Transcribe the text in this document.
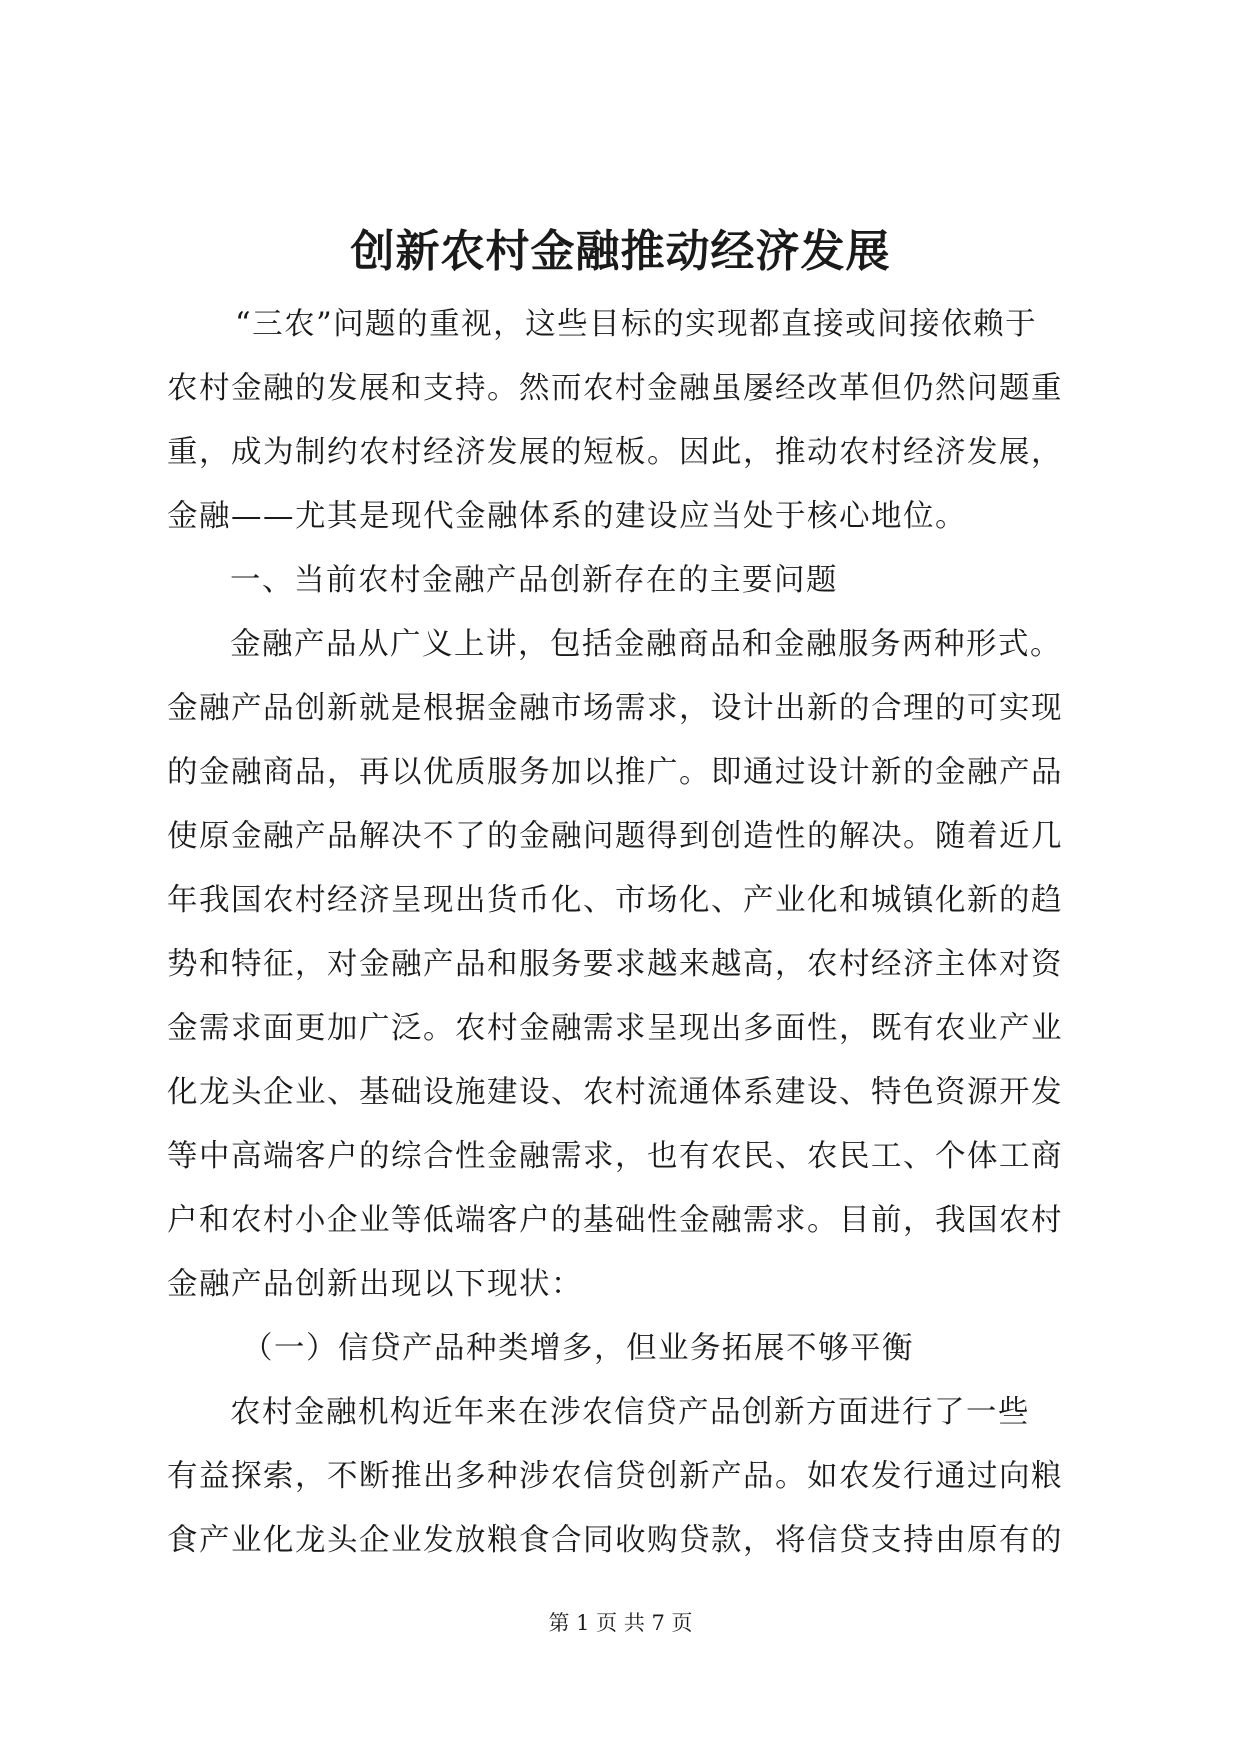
创新农村金融推动经济发展
“三农”问题的重视，这些目标的实现都直接或间接依赖于
农村金融的发展和支持。然而农村金融虽屡经改革但仍然问题重
重，成为制约农村经济发展的短板。因此，推动农村经济发展，
金融——尤其是现代金融体系的建设应当处于核心地位。
一、当前农村金融产品创新存在的主要问题
金融产品从广义上讲，包括金融商品和金融服务两种形式。
金融产品创新就是根据金融市场需求，设计出新的合理的可实现
的金融商品，再以优质服务加以推广。即通过设计新的金融产品
使原金融产品解决不了的金融问题得到创造性的解决。随着近几
年我国农村经济呈现出货币化、市场化、产业化和城镇化新的趋
势和特征，对金融产品和服务要求越来越高，农村经济主体对资
金需求面更加广泛。农村金融需求呈现出多面性，既有农业产业
化龙头企业、基础设施建设、农村流通体系建设、特色资源开发
等中高端客户的综合性金融需求，也有农民、农民工、个体工商
户和农村小企业等低端客户的基础性金融需求。目前，我国农村
金融产品创新出现以下现状：
（一）信贷产品种类增多，但业务拓展不够平衡
农村金融机构近年来在涉农信贷产品创新方面进行了一些
有益探索，不断推出多种涉农信贷创新产品。如农发行通过向粮
食产业化龙头企业发放粮食合同收购贷款，将信贷支持由原有的
第 1 页 共 7 页
